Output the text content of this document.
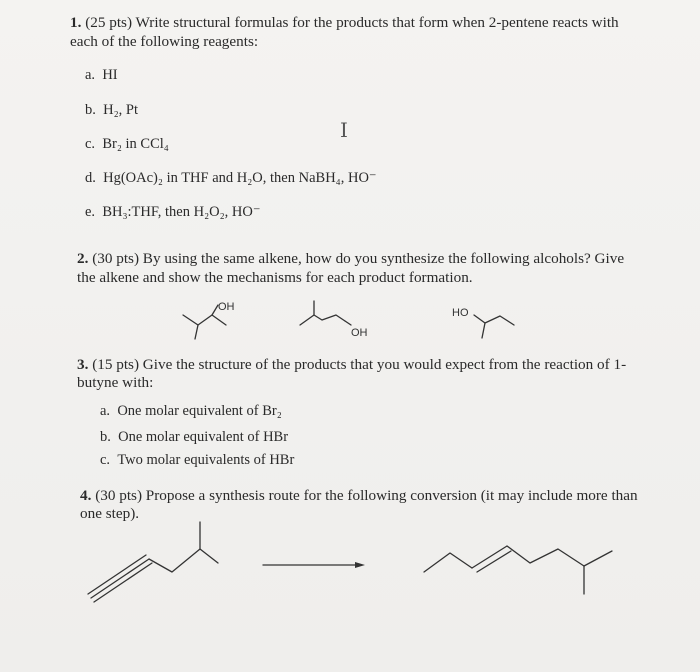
1. (25 pts) Write structural formulas for the products that form when 2-pentene reacts with
each of the following reagents:
a. HI
b. H₂, Pt
c. Br₂ in CCl₄
d. Hg(OAc)₂ in THF and H₂O, then NaBH₄, HO⁻
e. BH₃:THF, then H₂O₂, HO⁻
I
2. (30 pts) By using the same alkene, how do you synthesize the following alcohols? Give
the alkene and show the mechanisms for each product formation.
OH
OH
HO
3. (15 pts) Give the structure of the products that you would expect from the reaction of 1-
butyne with:
a. One molar equivalent of Br₂
b. One molar equivalent of HBr
c. Two molar equivalents of HBr
4. (30 pts) Propose a synthesis route for the following conversion (it may include more than
one step).
